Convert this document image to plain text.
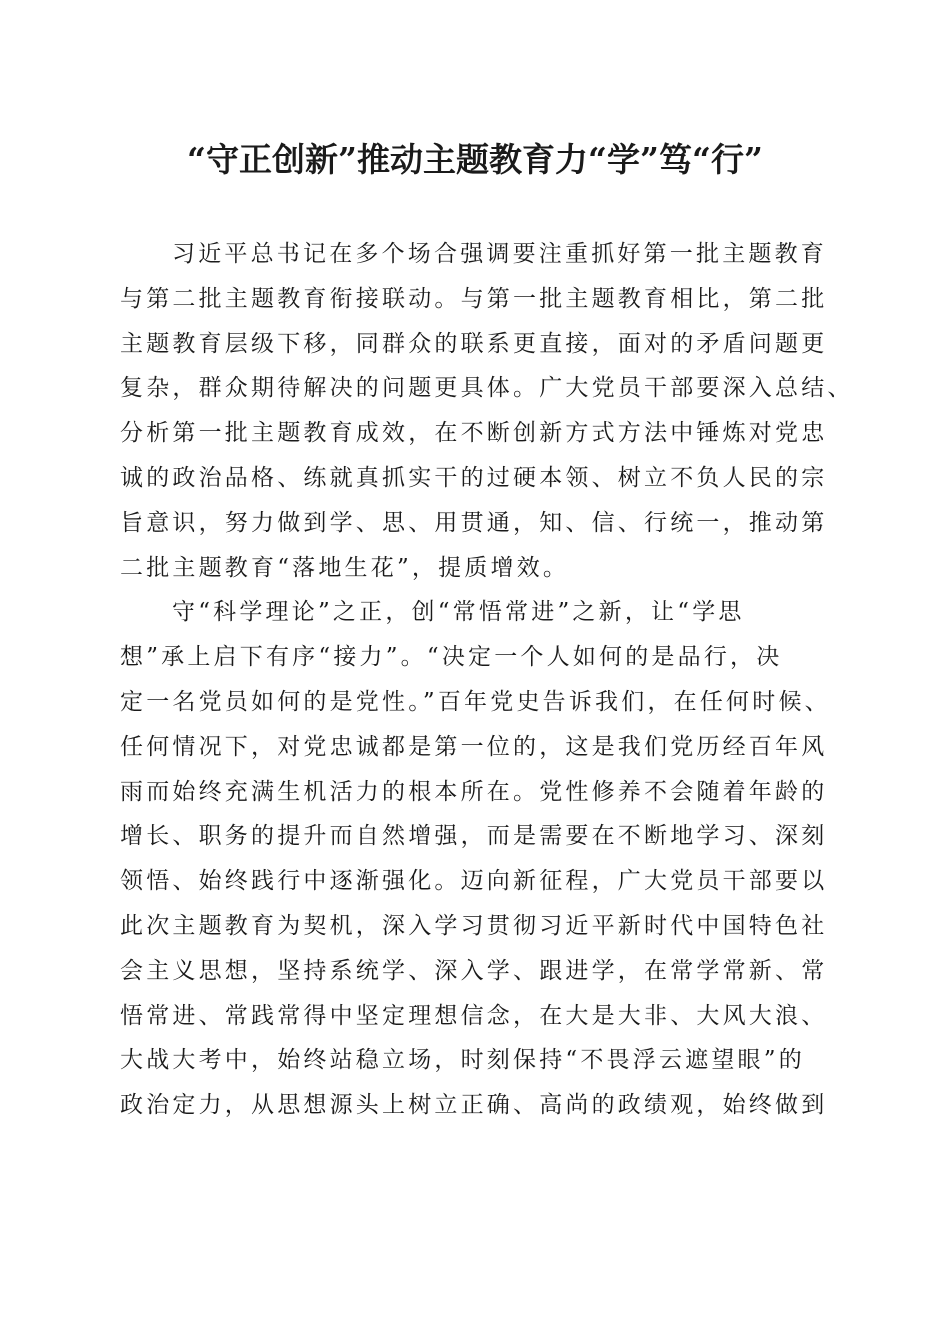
“守正创新”推动主题教育力“学”笃“行”
习近平总书记在多个场合强调要注重抓好第一批主题教育
与第二批主题教育衔接联动。与第一批主题教育相比，第二批
主题教育层级下移，同群众的联系更直接，面对的矛盾问题更
复杂，群众期待解决的问题更具体。广大党员干部要深入总结、
分析第一批主题教育成效，在不断创新方式方法中锤炼对党忠
诚的政治品格、练就真抓实干的过硬本领、树立不负人民的宗
旨意识，努力做到学、思、用贯通，知、信、行统一，推动第
二批主题教育“落地生花”，提质增效。
守“科学理论”之正，创“常悟常进”之新，让“学思
想”承上启下有序“接力”。“决定一个人如何的是品行，决
定一名党员如何的是党性。”百年党史告诉我们，在任何时候、
任何情况下，对党忠诚都是第一位的，这是我们党历经百年风
雨而始终充满生机活力的根本所在。党性修养不会随着年龄的
增长、职务的提升而自然增强，而是需要在不断地学习、深刻
领悟、始终践行中逐渐强化。迈向新征程，广大党员干部要以
此次主题教育为契机，深入学习贯彻习近平新时代中国特色社
会主义思想，坚持系统学、深入学、跟进学，在常学常新、常
悟常进、常践常得中坚定理想信念，在大是大非、大风大浪、
大战大考中，始终站稳立场，时刻保持“不畏浮云遮望眼”的
政治定力，从思想源头上树立正确、高尚的政绩观，始终做到
